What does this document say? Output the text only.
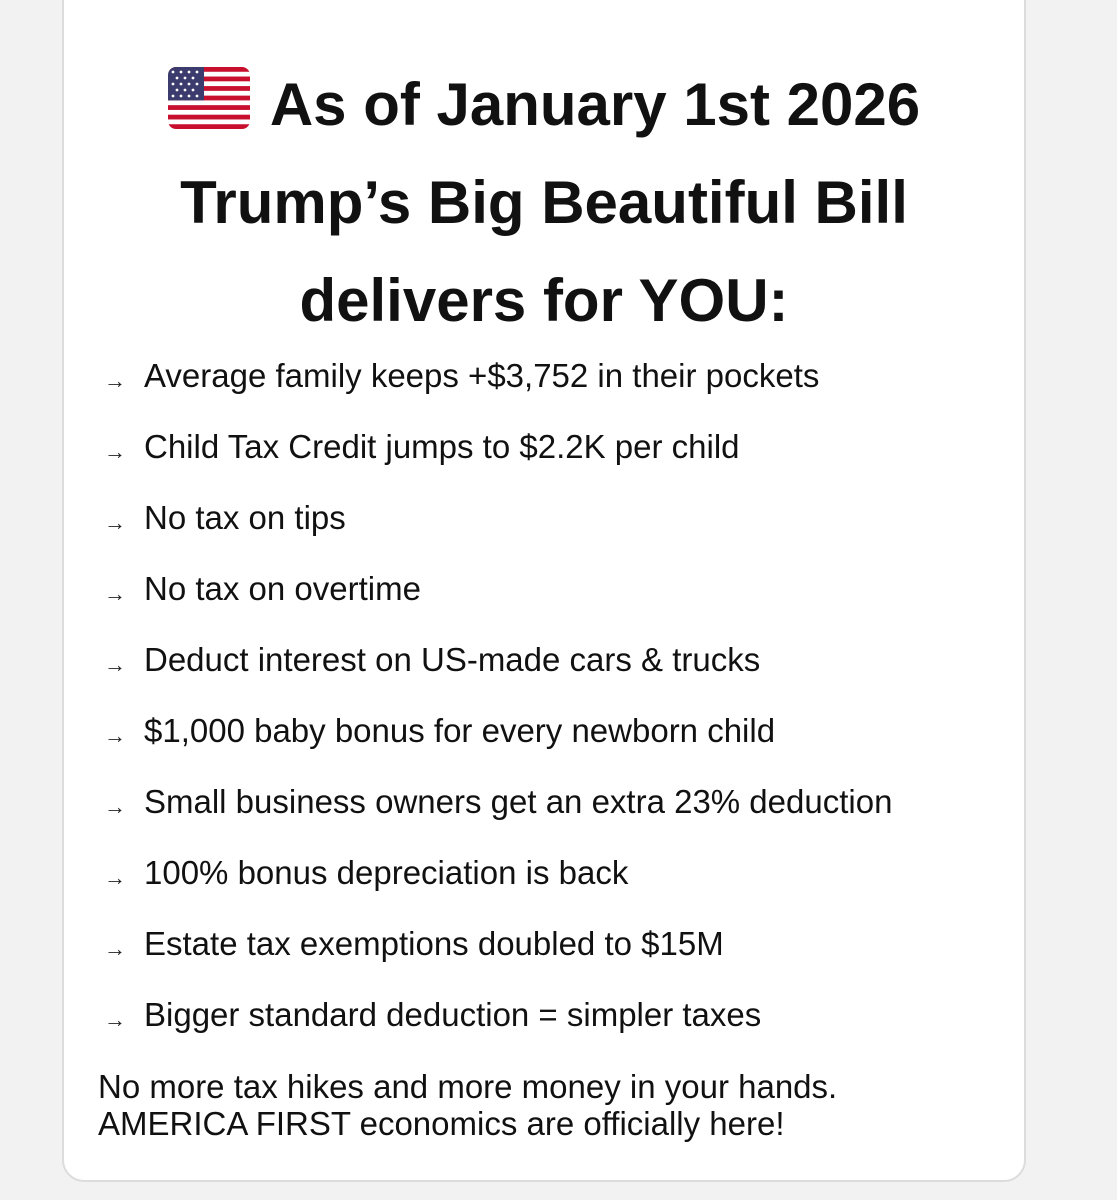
As of January 1st 2026
Trump’s Big Beautiful Bill
delivers for YOU:
→ Average family keeps +$3,752 in their pockets
→ Child Tax Credit jumps to $2.2K per child
→ No tax on tips
→ No tax on overtime
→ Deduct interest on US-made cars & trucks
→ $1,000 baby bonus for every newborn child
→ Small business owners get an extra 23% deduction
→ 100% bonus depreciation is back
→ Estate tax exemptions doubled to $15M
→ Bigger standard deduction = simpler taxes
No more tax hikes and more money in your hands.
AMERICA FIRST economics are officially here!
